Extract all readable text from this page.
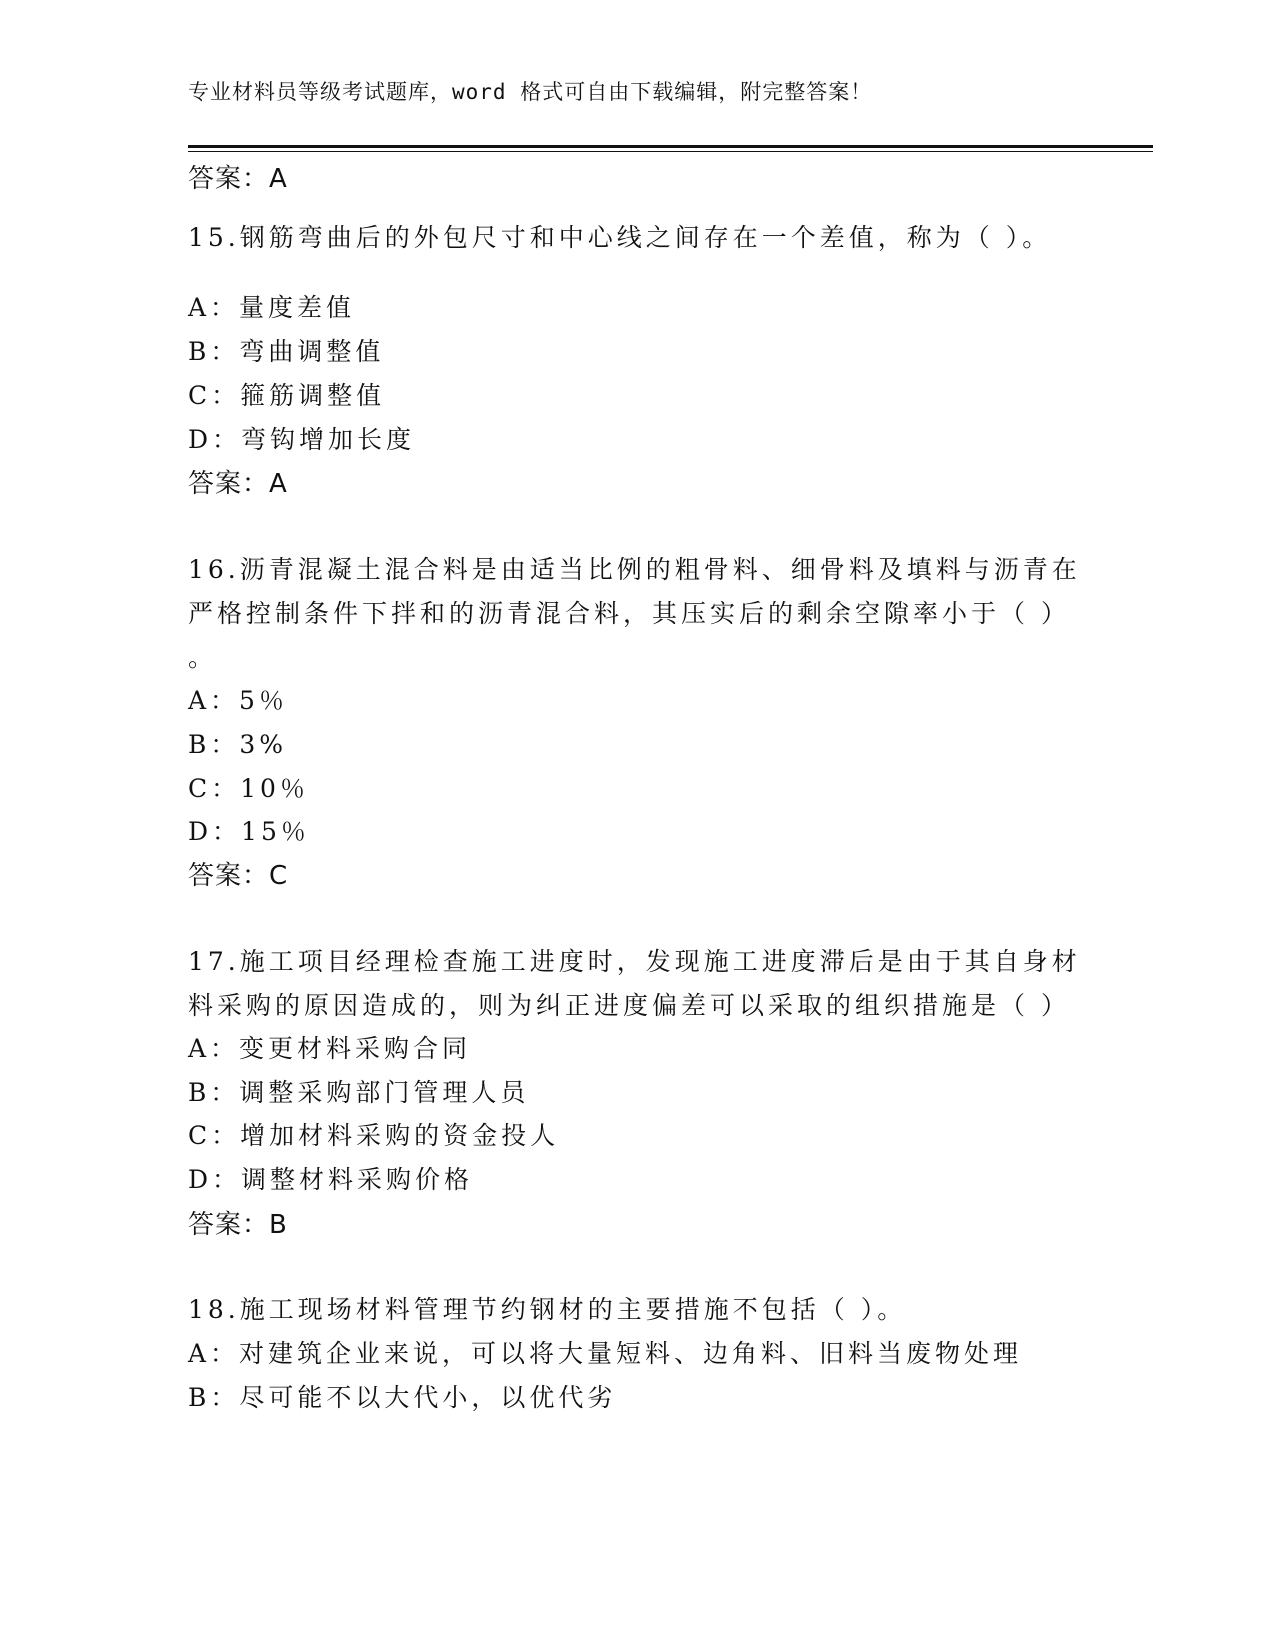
专业材料员等级考试题库，word 格式可自由下载编辑，附完整答案！
答案：A
15.钢筋弯曲后的外包尺寸和中心线之间存在一个差值，称为（ ）。
A：量度差值
B：弯曲调整值
C：箍筋调整值
D：弯钩增加长度
答案：A
16.沥青混凝土混合料是由适当比例的粗骨料、细骨料及填料与沥青在
严格控制条件下拌和的沥青混合料，其压实后的剩余空隙率小于（ ）
。
A：5％
B：3%
C：10％
D：15％
答案：C
17.施工项目经理检查施工进度时，发现施工进度滞后是由于其自身材
料采购的原因造成的，则为纠正进度偏差可以采取的组织措施是（ ）
A：变更材料采购合同
B：调整采购部门管理人员
C：增加材料采购的资金投人
D：调整材料采购价格
答案：B
18.施工现场材料管理节约钢材的主要措施不包括（ ）。
A：对建筑企业来说，可以将大量短料、边角料、旧料当废物处理
B：尽可能不以大代小，以优代劣
